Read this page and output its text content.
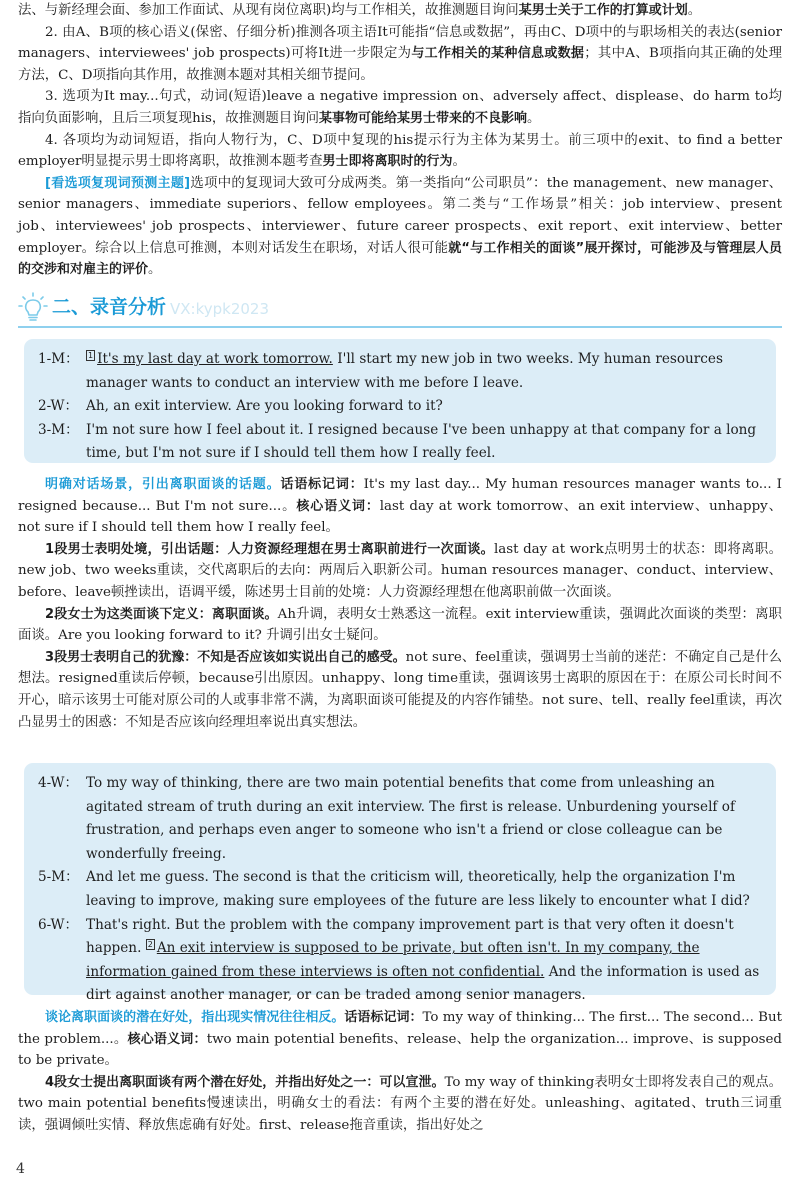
法、与新经理会面、参加工作面试、从现有岗位离职)均与工作相关，故推测题目询问某男士关于工作的打算或计划。

2. 由A、B项的核心语义(保密、仔细分析)推测各项主语It可能指“信息或数据”，再由C、D项中的与职场相关的表达(senior managers、interviewees' job prospects)可将It进一步限定为与工作相关的某种信息或数据；其中A、B项指向其正确的处理方法，C、D项指向其作用，故推测本题对其相关细节提问。

3. 选项为It may...句式，动词(短语)leave a negative impression on、adversely affect、displease、do harm to均指向负面影响，且后三项复现his，故推测题目询问某事物可能给某男士带来的不良影响。

4. 各项均为动词短语，指向人物行为，C、D项中复现的his提示行为主体为某男士。前三项中的exit、to find a better employer明显提示男士即将离职，故推测本题考查男士即将离职时的行为。

[看选项复现词预测主题]选项中的复现词大致可分成两类。第一类指向“公司职员”：the management、new manager、senior managers、immediate superiors、fellow employees。第二类与“工作场景”相关：job interview、present job、interviewees' job prospects、interviewer、future career prospects、exit report、exit interview、better employer。综合以上信息可推测，本则对话发生在职场，对话人很可能就“与工作相关的面谈”展开探讨，可能涉及与管理层人员的交涉和对雇主的评价。

二、录音分析 VX:kypk2023
1-M：	1 It's my last day at work tomorrow. I'll start my new job in two weeks. My human resources
manager wants to conduct an interview with me before I leave.
2-W： Ah, an exit interview. Are you looking forward to it?
3-M： I'm not sure how I feel about it. I resigned because I've been unhappy at that company for a long
time, but I'm not sure if I should tell them how I really feel.

明确对话场景，引出离职面谈的话题。话语标记词：It's my last day... My human resources manager wants to... I resigned because... But I'm not sure...。核心语义词：last day at work tomorrow、an exit interview、unhappy、not sure if I should tell them how I really feel。

1段男士表明处境，引出话题：人力资源经理想在男士离职前进行一次面谈。last day at work点明男士的状态：即将离职。new job、two weeks重读，交代离职后的去向：两周后入职新公司。human resources manager、conduct、interview、before、leave顿挫读出，语调平缓，陈述男士目前的处境：人力资源经理想在他离职前做一次面谈。

2段女士为这类面谈下定义：离职面谈。Ah升调，表明女士熟悉这一流程。exit interview重读，强调此次面谈的类型：离职面谈。Are you looking forward to it? 升调引出女士疑问。

3段男士表明自己的犹豫：不知是否应该如实说出自己的感受。not sure、feel重读，强调男士当前的迷茫：不确定自己是什么想法。resigned重读后停顿，because引出原因。unhappy、long time重读，强调该男士离职的原因在于：在原公司长时间不开心，暗示该男士可能对原公司的人或事非常不满，为离职面谈可能提及的内容作铺垫。not sure、tell、really feel重读，再次凸显男士的困惑：不知是否应该向经理坦率说出真实想法。

4-W： To my way of thinking, there are two main potential benefits that come from unleashing an
agitated stream of truth during an exit interview. The first is release. Unburdening yourself of
frustration, and perhaps even anger to someone who isn't a friend or close colleague can be
wonderfully freeing.
5-M： And let me guess. The second is that the criticism will, theoretically, help the organization I'm
leaving to improve, making sure employees of the future are less likely to encounter what I did?
6-W： That's right. But the problem with the company improvement part is that very often it doesn't
happen. 2 An exit interview is supposed to be private, but often isn't. In my company, the
information gained from these interviews is often not confidential. And the information is used as
dirt against another manager, or can be traded among senior managers.

谈论离职面谈的潜在好处，指出现实情况往往相反。话语标记词：To my way of thinking... The first... The second... But the problem...。核心语义词：two main potential benefits、release、help the organization... improve、is supposed to be private。

4段女士提出离职面谈有两个潜在好处，并指出好处之一：可以宣泄。To my way of thinking表明女士即将发表自己的观点。two main potential benefits慢速读出，明确女士的看法：有两个主要的潜在好处。unleashing、agitated、truth三词重读，强调倾吐实情、释放焦虑确有好处。first、release拖音重读，指出好处之

4
